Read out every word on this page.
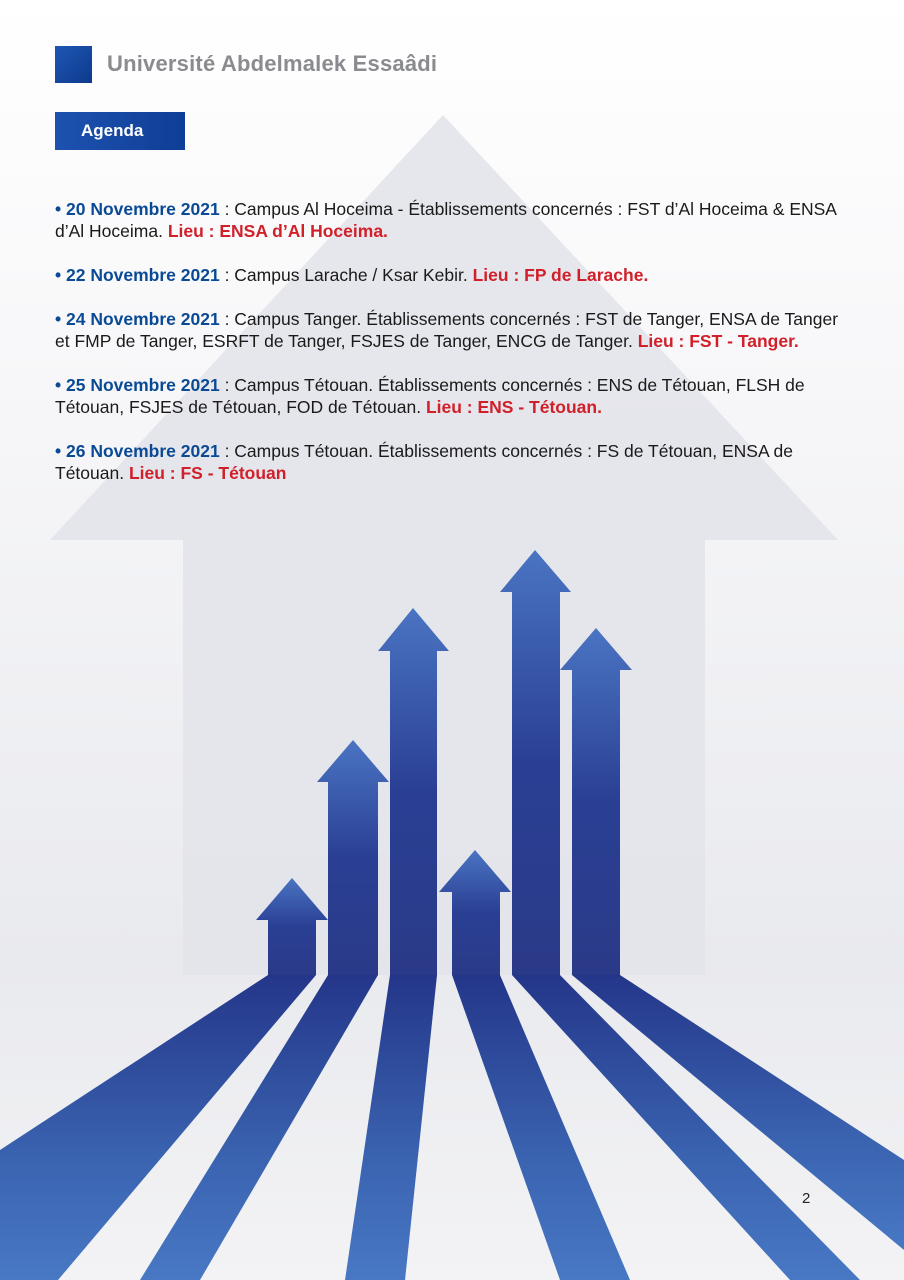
Université Abdelmalek Essaâdi
Agenda

• 20 Novembre 2021 : Campus Al Hoceima - Établissements concernés : FST d’Al Hoceima & ENSA d’Al Hoceima. Lieu : ENSA d’Al Hoceima.

• 22 Novembre 2021 : Campus Larache / Ksar Kebir. Lieu : FP de Larache.

• 24 Novembre 2021 : Campus Tanger. Établissements concernés : FST de Tanger, ENSA de Tanger et FMP de Tanger, ESRFT de Tanger, FSJES de Tanger, ENCG de Tanger. Lieu : FST - Tanger.

• 25 Novembre 2021 : Campus Tétouan. Établissements concernés : ENS de Tétouan, FLSH de Tétouan, FSJES de Tétouan, FOD de Tétouan. Lieu : ENS - Tétouan.

• 26 Novembre 2021 : Campus Tétouan. Établissements concernés : FS de Tétouan, ENSA de Tétouan. Lieu : FS - Tétouan

2
